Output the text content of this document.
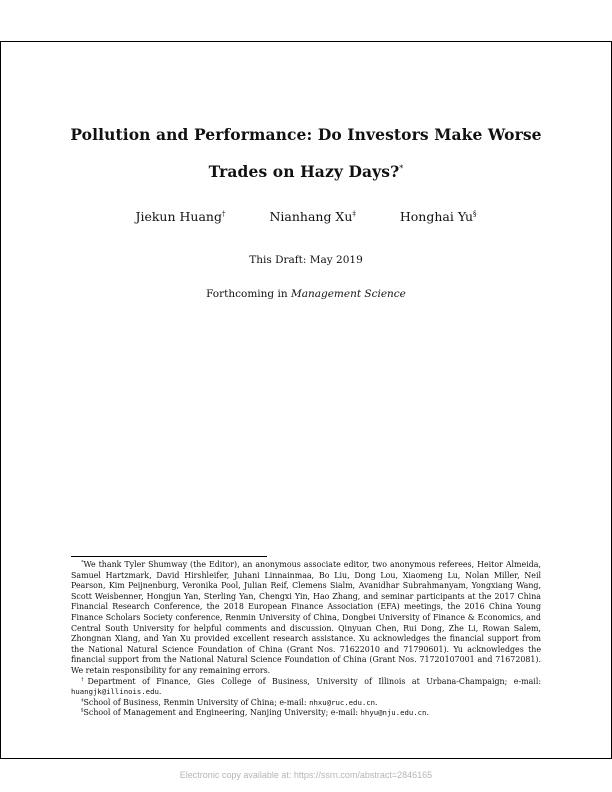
Pollution and Performance: Do Investors Make Worse
Trades on Hazy Days?*
Jiekun Huang†	Nianhang Xu‡	Honghai Yu§
This Draft: May 2019
Forthcoming in Management Science

*We thank Tyler Shumway (the Editor), an anonymous associate editor, two anonymous referees, Heitor Almeida, Samuel Hartzmark, David Hirshleifer, Juhani Linnainmaa, Bo Liu, Dong Lou, Xiaomeng Lu, Nolan Miller, Neil Pearson, Kim Peijnenburg, Veronika Pool, Julian Reif, Clemens Sialm, Avanidhar Subrahmanyam, Yongxiang Wang, Scott Weisbenner, Hongjun Yan, Sterling Yan, Chengxi Yin, Hao Zhang, and seminar participants at the 2017 China Financial Research Conference, the 2018 European Finance Association (EFA) meetings, the 2016 China Young Finance Scholars Society conference, Renmin University of China, Dongbei University of Finance & Economics, and Central South University for helpful comments and discussion. Qinyuan Chen, Rui Dong, Zhe Li, Rowan Salem, Zhongnan Xiang, and Yan Xu provided excellent research assistance. Xu acknowledges the financial support from the National Natural Science Foundation of China (Grant Nos. 71622010 and 71790601). Yu acknowledges the financial support from the National Natural Science Foundation of China (Grant Nos. 71720107001 and 71672081). We retain responsibility for any remaining errors.

†Department of Finance, Gies College of Business, University of Illinois at Urbana-Champaign; e-mail: huangjk@illinois.edu.

‡School of Business, Renmin University of China; e-mail: nhxu@ruc.edu.cn.

§School of Management and Engineering, Nanjing University; e-mail: hhyu@nju.edu.cn.

Electronic copy available at: https://ssrn.com/abstract=2846165
